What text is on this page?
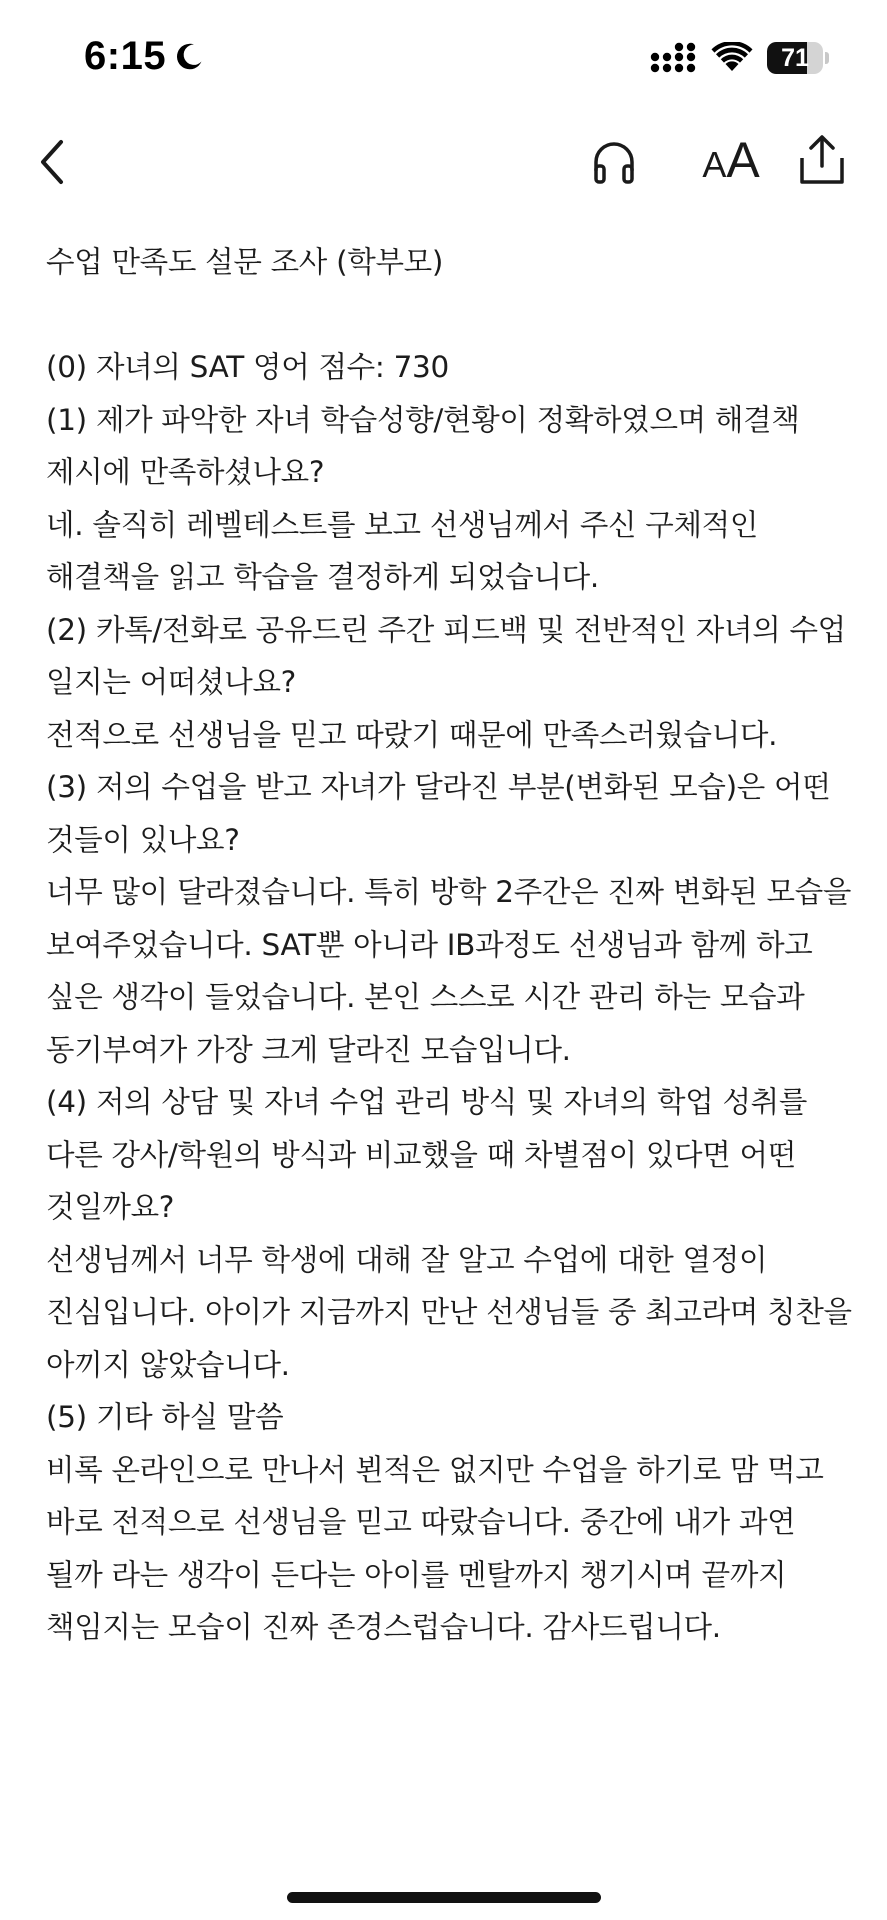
6:15	71
AA

수업 만족도 설문 조사 (학부모)

(0) 자녀의 SAT 영어 점수: 730

(1) 제가 파악한 자녀 학습성향/현황이 정확하였으며 해결책 제시에 만족하셨나요?

네. 솔직히 레벨테스트를 보고 선생님께서 주신 구체적인 해결책을 읽고 학습을 결정하게 되었습니다.

(2) 카톡/전화로 공유드린 주간 피드백 및 전반적인 자녀의 수업 일지는 어떠셨나요?

전적으로 선생님을 믿고 따랐기 때문에 만족스러웠습니다.

(3) 저의 수업을 받고 자녀가 달라진 부분(변화된 모습)은 어떤 것들이 있나요?

너무 많이 달라졌습니다. 특히 방학 2주간은 진짜 변화된 모습을 보여주었습니다. SAT뿐 아니라 IB과정도 선생님과 함께 하고 싶은 생각이 들었습니다. 본인 스스로 시간 관리 하는 모습과 동기부여가 가장 크게 달라진 모습입니다.

(4) 저의 상담 및 자녀 수업 관리 방식 및 자녀의 학업 성취를 다른 강사/학원의 방식과 비교했을 때 차별점이 있다면 어떤 것일까요?

선생님께서 너무 학생에 대해 잘 알고 수업에 대한 열정이 진심입니다. 아이가 지금까지 만난 선생님들 중 최고라며 칭찬을 아끼지 않았습니다.

(5) 기타 하실 말씀

비록 온라인으로 만나서 뵌적은 없지만 수업을 하기로 맘 먹고 바로 전적으로 선생님을 믿고 따랐습니다. 중간에 내가 과연 될까 라는 생각이 든다는 아이를 멘탈까지 챙기시며 끝까지 책임지는 모습이 진짜 존경스럽습니다. 감사드립니다.
